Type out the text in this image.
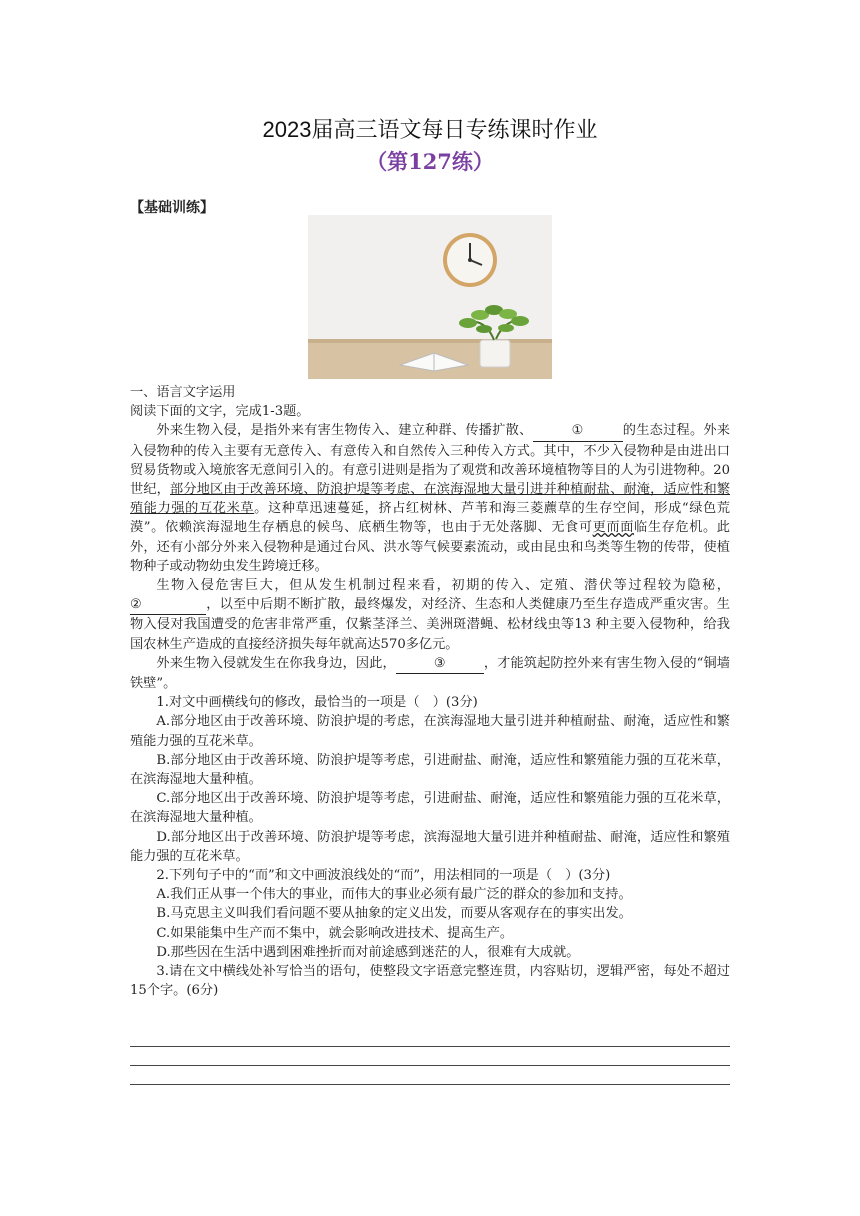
2023届高三语文每日专练课时作业
（第127练）
【基础训练】

一、语言文字运用

阅读下面的文字，完成1-3题。

外来生物入侵，是指外来有害生物传入、建立种群、传播扩散、	①	的生态过程。外来入侵物种的传入主要有无意传入、有意传入和自然传入三种传入方式。其中，不少入侵物种是由进出口贸易货物或入境旅客无意间引入的。有意引进则是指为了观赏和改善环境植物等目的人为引进物种。20世纪，部分地区由于改善环境、防浪护堤等考虑、在滨海湿地大量引进并种植耐盐、耐淹，适应性和繁殖能力强的互花米草。这种草迅速蔓延，挤占红树林、芦苇和海三菱藨草的生存空间，形成“绿色荒漠”。依赖滨海湿地生存栖息的候鸟、底栖生物等，也由于无处落脚、无食可更而面临生存危机。此外，还有小部分外来入侵物种是通过台风、洪水等气候要素流动，或由昆虫和鸟类等生物的传带，使植物种子或动物幼虫发生跨境迁移。

生物入侵危害巨大，但从发生机制过程来看，初期的传入、定殖、潜伏等过程较为隐秘，②	，以至中后期不断扩散，最终爆发，对经济、生态和人类健康乃至生存造成严重灾害。生物入侵对我国遭受的危害非常严重，仅紫茎泽兰、美洲斑潜蝇、松材线虫等13 种主要入侵物种，给我国农林生产造成的直接经济损失每年就高达570多亿元。

外来生物入侵就发生在你我身边，因此，	③	，才能筑起防控外来有害生物入侵的“铜墙铁壁”。

1.对文中画横线句的修改，最恰当的一项是（　）(3分)

A.部分地区由于改善环境、防浪护堤的考虑，在滨海湿地大量引进并种植耐盐、耐淹，适应性和繁殖能力强的互花米草。

B.部分地区由于改善环境、防浪护堤等考虑，引进耐盐、耐淹，适应性和繁殖能力强的互花米草，在滨海湿地大量种植。

C.部分地区出于改善环境、防浪护堤等考虑，引进耐盐、耐淹，适应性和繁殖能力强的互花米草，在滨海湿地大量种植。

D.部分地区出于改善环境、防浪护堤等考虑，滨海湿地大量引进并种植耐盐、耐淹，适应性和繁殖能力强的互花米草。

2.下列句子中的“而”和文中画波浪线处的“而”，用法相同的一项是（　）(3分)

A.我们正从事一个伟大的事业，而伟大的事业必须有最广泛的群众的参加和支持。

B.马克思主义叫我们看问题不要从抽象的定义出发，而要从客观存在的事实出发。

C.如果能集中生产而不集中，就会影响改进技术、提高生产。

D.那些因在生活中遇到困难挫折而对前途感到迷茫的人，很难有大成就。

3.请在文中横线处补写恰当的语句，使整段文字语意完整连贯，内容贴切，逻辑严密，每处不超过15个字。(6分)
